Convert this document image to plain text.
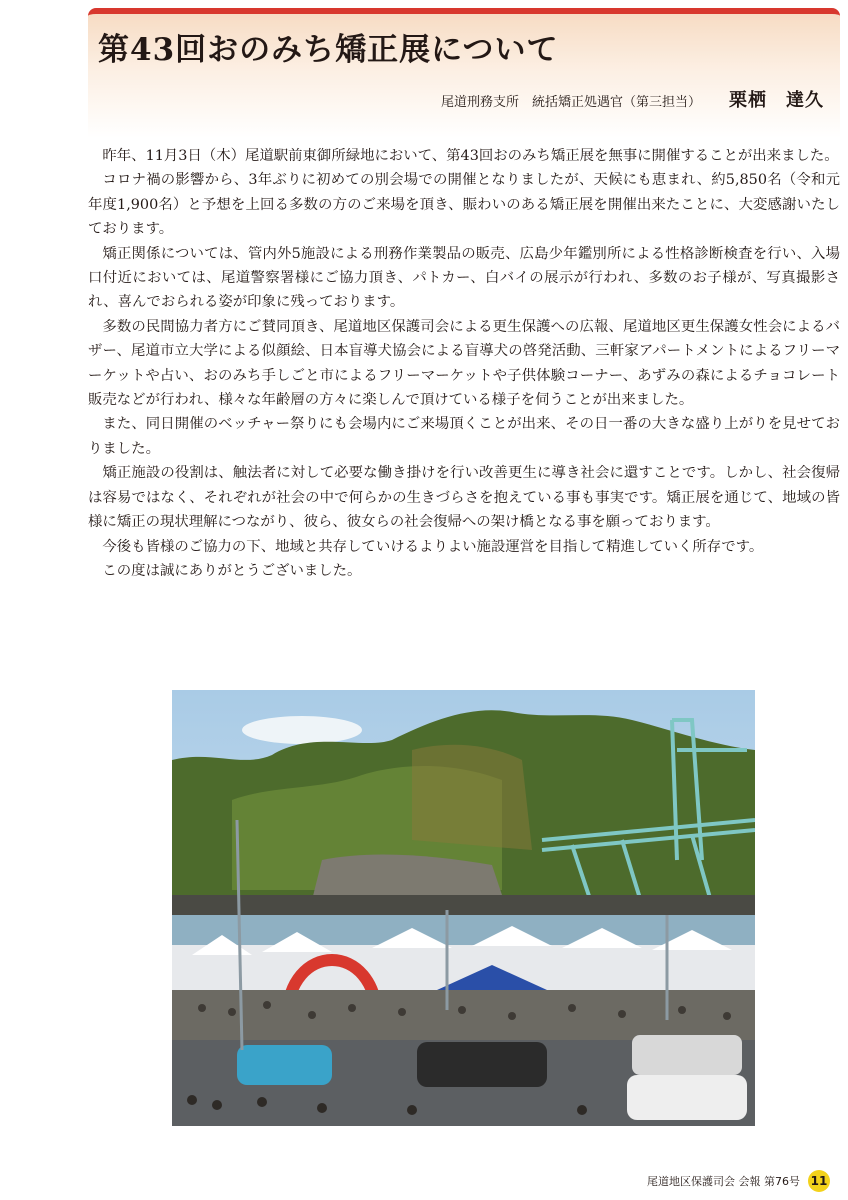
第43回おのみち矯正展について
尾道刑務支所　統括矯正処遇官（第三担当） 栗栖　達久

昨年、11月3日（木）尾道駅前東御所緑地において、第43回おのみち矯正展を無事に開催することが出来ました。

コロナ禍の影響から、3年ぶりに初めての別会場での開催となりましたが、天候にも恵まれ、約5,850名（令和元年度1,900名）と予想を上回る多数の方のご来場を頂き、賑わいのある矯正展を開催出来たことに、大変感謝いたしております。

矯正関係については、管内外5施設による刑務作業製品の販売、広島少年鑑別所による性格診断検査を行い、入場口付近においては、尾道警察署様にご協力頂き、パトカー、白バイの展示が行われ、多数のお子様が、写真撮影され、喜んでおられる姿が印象に残っております。

多数の民間協力者方にご賛同頂き、尾道地区保護司会による更生保護への広報、尾道地区更生保護女性会によるバザー、尾道市立大学による似顔絵、日本盲導犬協会による盲導犬の啓発活動、三軒家アパートメントによるフリーマーケットや占い、おのみち手しごと市によるフリーマーケットや子供体験コーナー、あずみの森によるチョコレート販売などが行われ、様々な年齢層の方々に楽しんで頂けている様子を伺うことが出来ました。

また、同日開催のベッチャー祭りにも会場内にご来場頂くことが出来、その日一番の大きな盛り上がりを見せておりました。

矯正施設の役割は、触法者に対して必要な働き掛けを行い改善更生に導き社会に還すことです。しかし、社会復帰は容易ではなく、それぞれが社会の中で何らかの生きづらさを抱えている事も事実です。矯正展を通じて、地域の皆様に矯正の現状理解につながり、彼ら、彼女らの社会復帰への架け橋となる事を願っております。

今後も皆様のご協力の下、地域と共存していけるよりよい施設運営を目指して精進していく所存です。

この度は誠にありがとうございました。

尾道地区保護司会 会報 第76号 11
